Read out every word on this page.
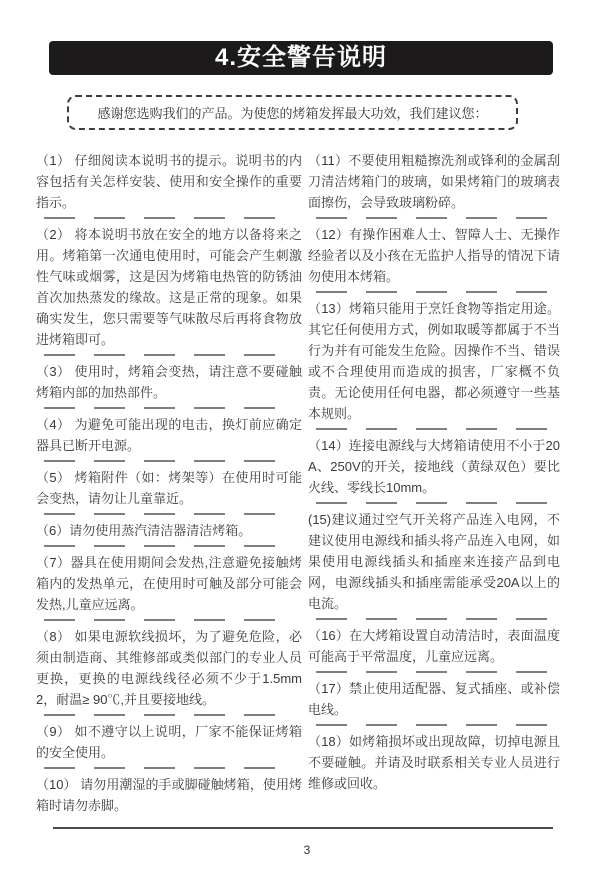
4.安全警告说明
感谢您选购我们的产品。为使您的烤箱发挥最大功效，我们建议您：

（1） 仔细阅读本说明书的提示。说明书的内容包括有关怎样安装、使用和安全操作的重要指示。

（2） 将本说明书放在安全的地方以备将来之用。烤箱第一次通电使用时，可能会产生刺激性气味或烟雾，这是因为烤箱电热管的防锈油首次加热蒸发的缘故。这是正常的现象。如果确实发生，您只需要等气味散尽后再将食物放进烤箱即可。

（3） 使用时，烤箱会变热，请注意不要碰触烤箱内部的加热部件。

（4） 为避免可能出现的电击，换灯前应确定器具已断开电源。

（5） 烤箱附件（如：烤架等）在使用时可能会变热，请勿让儿童靠近。

（6）请勿使用蒸汽清洁器清洁烤箱。

（7）器具在使用期间会发热,注意避免接触烤箱内的发热单元，在使用时可触及部分可能会发热,儿童应远离。

（8） 如果电源软线损坏，为了避免危险，必须由制造商、其维修部或类似部门的专业人员更换，更换的电源线线径必须不少于1.5mm2，耐温≥ 90℃,并且要接地线。

（9） 如不遵守以上说明，厂家不能保证烤箱的安全使用。

（10） 请勿用潮湿的手或脚碰触烤箱，使用烤箱时请勿赤脚。

（11）不要使用粗糙擦洗剂或锋利的金属刮刀清洁烤箱门的玻璃，如果烤箱门的玻璃表面擦伤，会导致玻璃粉碎。

（12）有操作困难人士、智障人士、无操作经验者以及小孩在无监护人指导的情况下请勿使用本烤箱。

（13）烤箱只能用于烹饪食物等指定用途。其它任何使用方式，例如取暖等都属于不当行为并有可能发生危险。因操作不当、错误或不合理使用而造成的损害，厂家概不负责。无论使用任何电器，都必须遵守一些基本规则。

（14）连接电源线与大烤箱请使用不小于20A、250V的开关，接地线（黄绿双色）要比火线、零线长10mm。

(15)建议通过空气开关将产品连入电网，不建议使用电源线和插头将产品连入电网，如果使用电源线插头和插座来连接产品到电网，电源线插头和插座需能承受20A以上的电流。

（16）在大烤箱设置自动清洁时，表面温度可能高于平常温度，儿童应远离。

（17）禁止使用适配器、复式插座、或补偿电线。

（18）如烤箱损坏或出现故障，切掉电源且不要碰触。并请及时联系相关专业人员进行维修或回收。

3
